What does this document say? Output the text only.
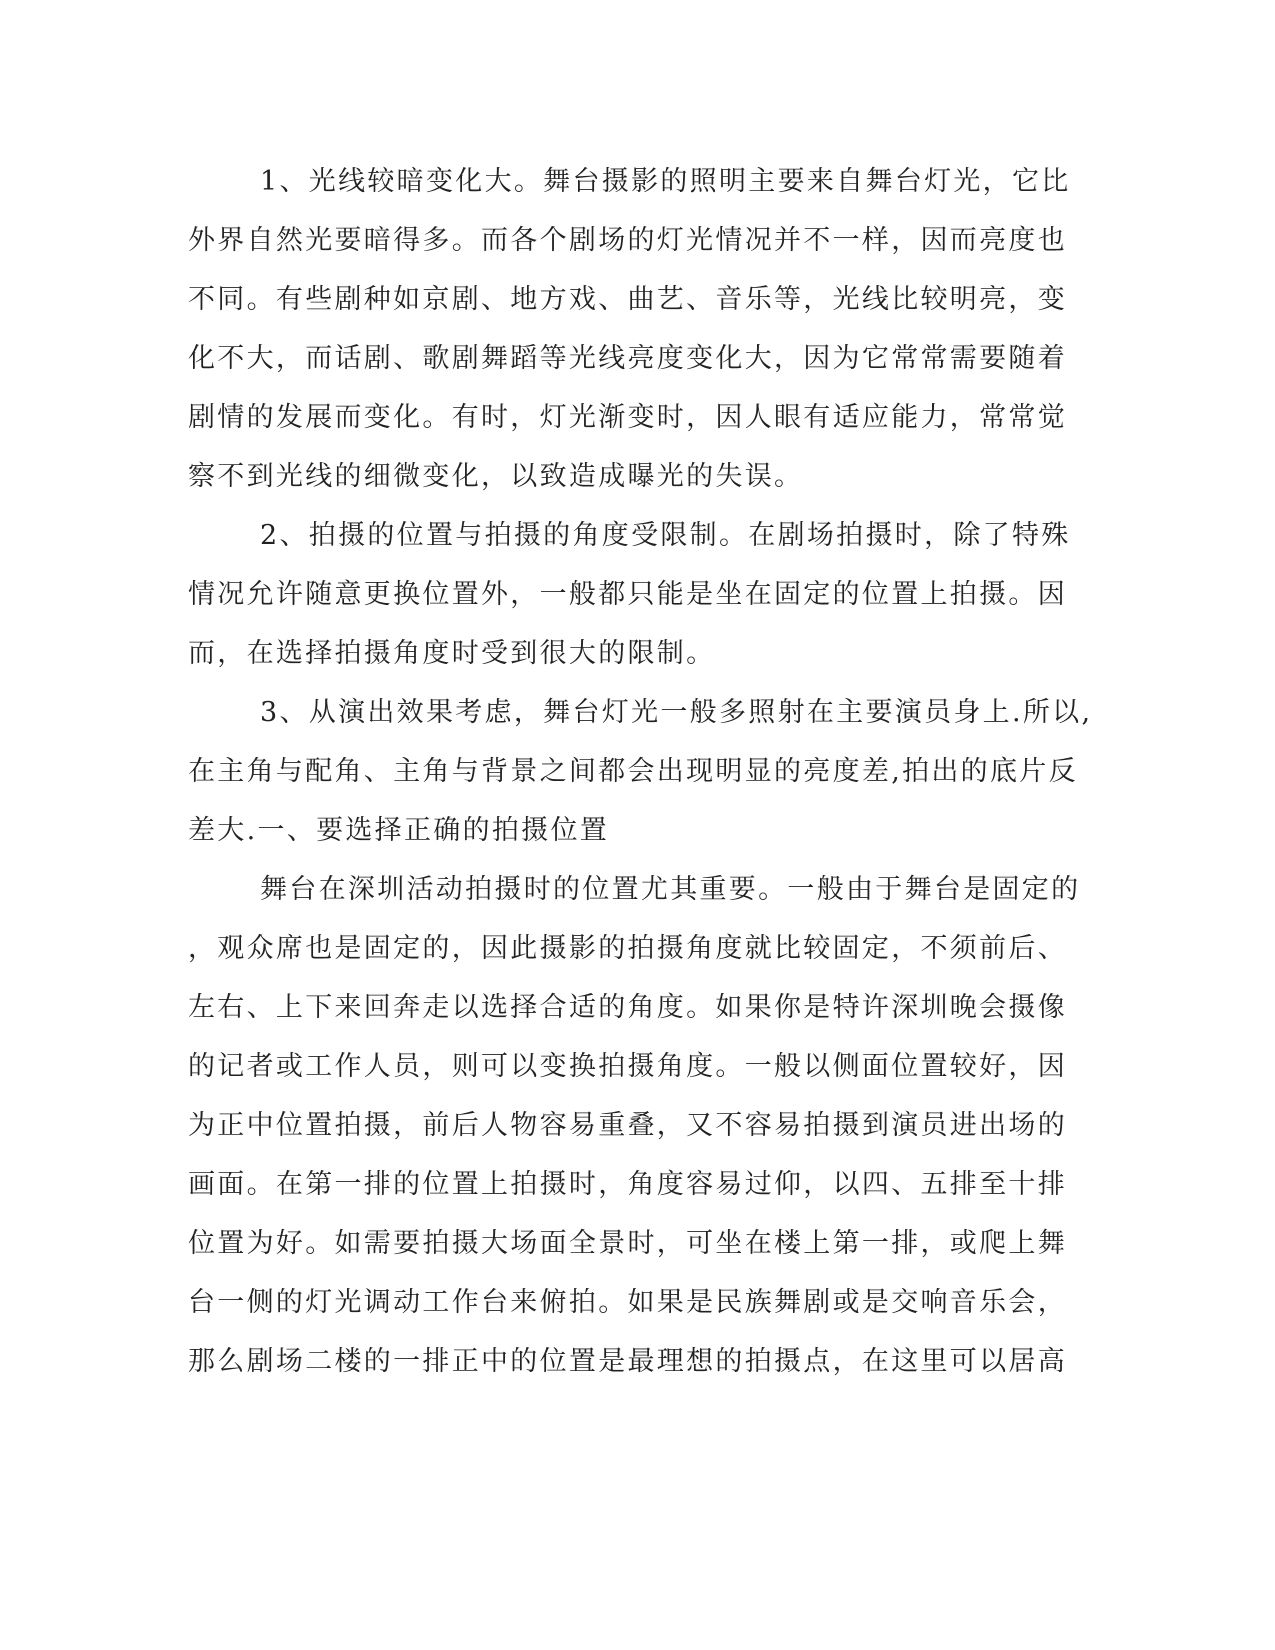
1、光线较暗变化大。舞台摄影的照明主要来自舞台灯光，它比
外界自然光要暗得多。而各个剧场的灯光情况并不一样，因而亮度也
不同。有些剧种如京剧、地方戏、曲艺、音乐等，光线比较明亮，变
化不大，而话剧、歌剧舞蹈等光线亮度变化大，因为它常常需要随着
剧情的发展而变化。有时，灯光渐变时，因人眼有适应能力，常常觉
察不到光线的细微变化，以致造成曝光的失误。
2、拍摄的位置与拍摄的角度受限制。在剧场拍摄时，除了特殊
情况允许随意更换位置外，一般都只能是坐在固定的位置上拍摄。因
而，在选择拍摄角度时受到很大的限制。
3、从演出效果考虑，舞台灯光一般多照射在主要演员身上.所以,
在主角与配角、主角与背景之间都会出现明显的亮度差,拍出的底片反
差大.一、要选择正确的拍摄位置
舞台在深圳活动拍摄时的位置尤其重要。一般由于舞台是固定的
，观众席也是固定的，因此摄影的拍摄角度就比较固定，不须前后、
左右、上下来回奔走以选择合适的角度。如果你是特许深圳晚会摄像
的记者或工作人员，则可以变换拍摄角度。一般以侧面位置较好，因
为正中位置拍摄，前后人物容易重叠，又不容易拍摄到演员进出场的
画面。在第一排的位置上拍摄时，角度容易过仰，以四、五排至十排
位置为好。如需要拍摄大场面全景时，可坐在楼上第一排，或爬上舞
台一侧的灯光调动工作台来俯拍。如果是民族舞剧或是交响音乐会，
那么剧场二楼的一排正中的位置是最理想的拍摄点，在这里可以居高
